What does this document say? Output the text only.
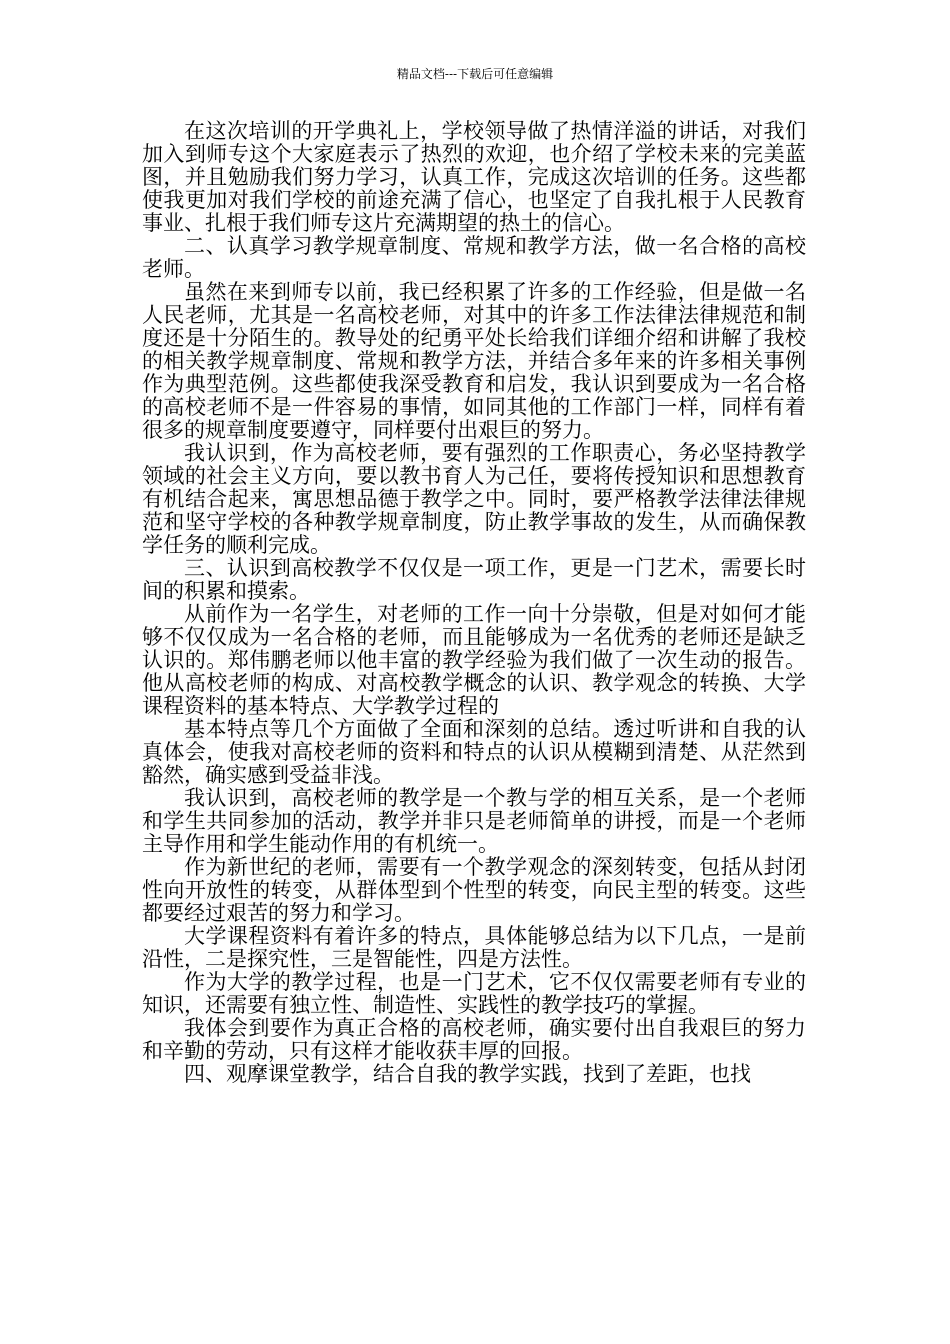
精品文档---下载后可任意编辑

在这次培训的开学典礼上，学校领导做了热情洋溢的讲话，对我们加入到师专这个大家庭表示了热烈的欢迎，也介绍了学校未来的完美蓝图，并且勉励我们努力学习，认真工作，完成这次培训的任务。这些都使我更加对我们学校的前途充满了信心，也坚定了自我扎根于人民教育事业、扎根于我们师专这片充满期望的热土的信心。

二、认真学习教学规章制度、常规和教学方法，做一名合格的高校老师。

虽然在来到师专以前，我已经积累了许多的工作经验，但是做一名人民老师，尤其是一名高校老师，对其中的许多工作法律法律规范和制度还是十分陌生的。教导处的纪勇平处长给我们详细介绍和讲解了我校的相关教学规章制度、常规和教学方法，并结合多年来的许多相关事例作为典型范例。这些都使我深受教育和启发，我认识到要成为一名合格的高校老师不是一件容易的事情，如同其他的工作部门一样，同样有着很多的规章制度要遵守，同样要付出艰巨的努力。

我认识到，作为高校老师，要有强烈的工作职责心，务必坚持教学领域的社会主义方向，要以教书育人为己任，要将传授知识和思想教育有机结合起来，寓思想品德于教学之中。同时，要严格教学法律法律规范和坚守学校的各种教学规章制度，防止教学事故的发生，从而确保教学任务的顺利完成。

三、认识到高校教学不仅仅是一项工作，更是一门艺术，需要长时间的积累和摸索。

从前作为一名学生，对老师的工作一向十分崇敬，但是对如何才能够不仅仅成为一名合格的老师，而且能够成为一名优秀的老师还是缺乏认识的。郑伟鹏老师以他丰富的教学经验为我们做了一次生动的报告。他从高校老师的构成、对高校教学概念的认识、教学观念的转换、大学课程资料的基本特点、大学教学过程的

基本特点等几个方面做了全面和深刻的总结。透过听讲和自我的认真体会，使我对高校老师的资料和特点的认识从模糊到清楚、从茫然到豁然，确实感到受益非浅。

我认识到，高校老师的教学是一个教与学的相互关系，是一个老师和学生共同参加的活动，教学并非只是老师简单的讲授，而是一个老师主导作用和学生能动作用的有机统一。

作为新世纪的老师，需要有一个教学观念的深刻转变，包括从封闭性向开放性的转变，从群体型到个性型的转变，向民主型的转变。这些都要经过艰苦的努力和学习。

大学课程资料有着许多的特点，具体能够总结为以下几点，一是前沿性，二是探究性，三是智能性，四是方法性。

作为大学的教学过程，也是一门艺术，它不仅仅需要老师有专业的知识，还需要有独立性、制造性、实践性的教学技巧的掌握。

我体会到要作为真正合格的高校老师，确实要付出自我艰巨的努力和辛勤的劳动，只有这样才能收获丰厚的回报。

四、观摩课堂教学，结合自我的教学实践，找到了差距，也找
